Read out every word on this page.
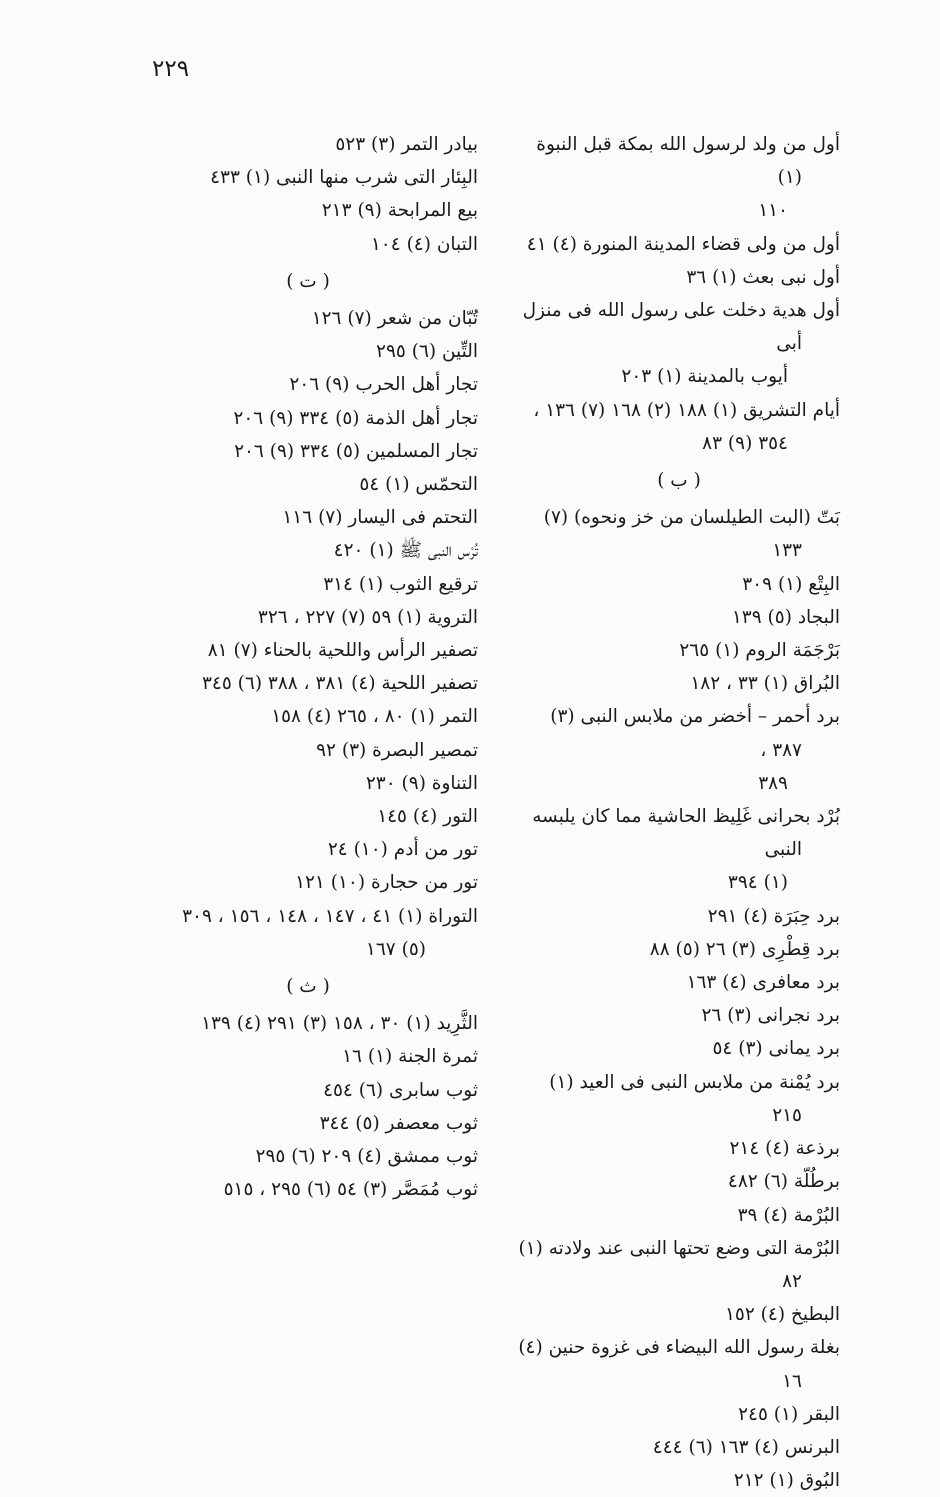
٢٢٩
أول من ولد لرسول الله بمكة قبل النبوة (١)
١١٠
أول من ولى قضاء المدينة المنورة (٤) ٤١
أول نبى بعث (١) ٣٦
أول هدية دخلت على رسول الله فى منزل أبى
أيوب بالمدينة (١) ٢٠٣
أيام التشريق (١) ١٨٨ (٢) ١٦٨ (٧) ١٣٦ ،
٣٥٤ (٩) ٨٣
( ب )
بَتّ (البت الطيلسان من خز ونحوه) (٧) ١٣٣
البِتْع (١) ٣٠٩
البجاد (٥) ١٣٩
بَرْجَمَة الروم (١) ٢٦٥
البُراق (١) ٣٣ ، ١٨٢
برد أحمر – أخضر من ملابس النبى (٣) ٣٨٧ ،
٣٨٩
بُرْد بحرانى غَلِيظ الحاشية مما كان يلبسه النبى
(١) ٣٩٤
برد حِبَرَة (٤) ٢٩١
برد قِطْرِى (٣) ٢٦ (٥) ٨٨
برد معافرى (٤) ١٦٣
برد نجرانى (٣) ٢٦
برد يمانى (٣) ٥٤
برد يُمْنة من ملابس النبى فى العيد (١) ٢١٥
برذعة (٤) ٢١٤
برطُلّة (٦) ٤٨٢
البُرْمة (٤) ٣٩
البُرْمة التى وضع تحتها النبى عند ولادته (١) ٨٢
البطيخ (٤) ١٥٢
بغلة رسول الله البيضاء فى غزوة حنين (٤) ١٦
البقر (١) ٢٤٥
البرنس (٤) ١٦٣ (٦) ٤٤٤
البُوق (١) ٢١٢
بيادر التمر (٣) ٥٢٣
البِئار التى شرب منها النبى (١) ٤٣٣
بيع المرابحة (٩) ٢١٣
التبان (٤) ١٠٤
( ت )
تُبّان من شعر (٧) ١٢٦
التِّين (٦) ٢٩٥
تجار أهل الحرب (٩) ٢٠٦
تجار أهل الذمة (٥) ٣٣٤ (٩) ٢٠٦
تجار المسلمين (٥) ٣٣٤ (٩) ٢٠٦
التحمّس (١) ٥٤
التحتم فى اليسار (٧) ١١٦
تُرْس النبى ﷺ (١) ٤٢٠
ترقيع الثوب (١) ٣١٤
التروية (١) ٥٩ (٧) ٢٢٧ ، ٣٢٦
تصفير الرأس واللحية بالحناء (٧) ٨١
تصفير اللحية (٤) ٣٨١ ، ٣٨٨ (٦) ٣٤٥
التمر (١) ٨٠ ، ٢٦٥ (٤) ١٥٨
تمصير البصرة (٣) ٩٢
التناوة (٩) ٢٣٠
التور (٤) ١٤٥
تور من أدم (١٠) ٢٤
تور من حجارة (١٠) ١٢١
التوراة (١) ٤١ ، ١٤٧ ، ١٤٨ ، ١٥٦ ، ٣٠٩
(٥) ١٦٧
( ث )
الثَّرِيد (١) ٣٠ ، ١٥٨ (٣) ٢٩١ (٤) ١٣٩
ثمرة الجنة (١) ١٦
ثوب سابرى (٦) ٤٥٤
ثوب معصفر (٥) ٣٤٤
ثوب ممشق (٤) ٢٠٩ (٦) ٢٩٥
ثوب مُمَصَّر (٣) ٥٤ (٦) ٢٩٥ ، ٥١٥
